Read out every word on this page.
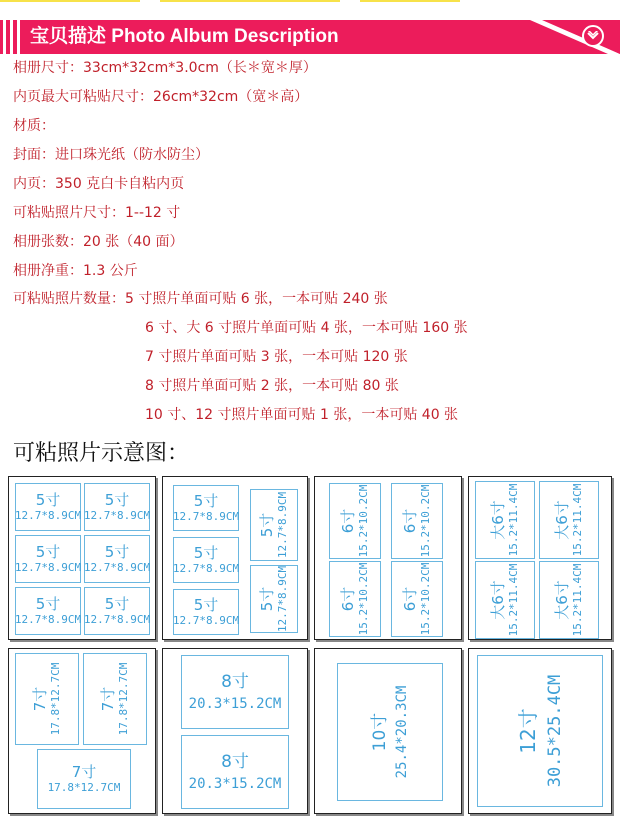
宝贝描述 Photo Album Description
相册尺寸：33cm*32cm*3.0cm（长＊宽＊厚）
内页最大可粘贴尺寸：26cm*32cm（宽＊高）
材质：
封面：进口珠光纸（防水防尘）
内页：350 克白卡自粘内页
可粘贴照片尺寸：1--12 寸
相册张数：20 张（40 面）
相册净重：1.3 公斤
可粘贴照片数量：5 寸照片单面可贴 6 张，一本可贴 240 张
6 寸、大 6 寸照片单面可贴 4 张，一本可贴 160 张
7 寸照片单面可贴 3 张，一本可贴 120 张
8 寸照片单面可贴 2 张，一本可贴 80 张
10 寸、12 寸照片单面可贴 1 张，一本可贴 40 张
可粘照片示意图：
5寸
12.7*8.9CM
5寸
12.7*8.9CM
5寸
12.7*8.9CM
5寸
12.7*8.9CM
5寸
12.7*8.9CM
5寸
12.7*8.9CM
5寸
12.7*8.9CM
5寸
12.7*8.9CM
5寸
12.7*8.9CM
5寸 12.7*8.9CM
5寸 12.7*8.9CM
6寸 15.2*10.2CM 6寸 15.2*10.2CM
6寸 15.2*10.2CM 6寸 15.2*10.2CM
大6寸 15.2*11.4CM 大6寸 15.2*11.4CM
大6寸 15.2*11.4CM 大6寸 15.2*11.4CM
7寸 17.8*12.7CM 7寸 17.8*12.7CM
7寸
17.8*12.7CM
8寸
20.3*15.2CM
8寸
20.3*15.2CM
10寸 25.4*20.3CM	12寸 30.5*25.4CM
